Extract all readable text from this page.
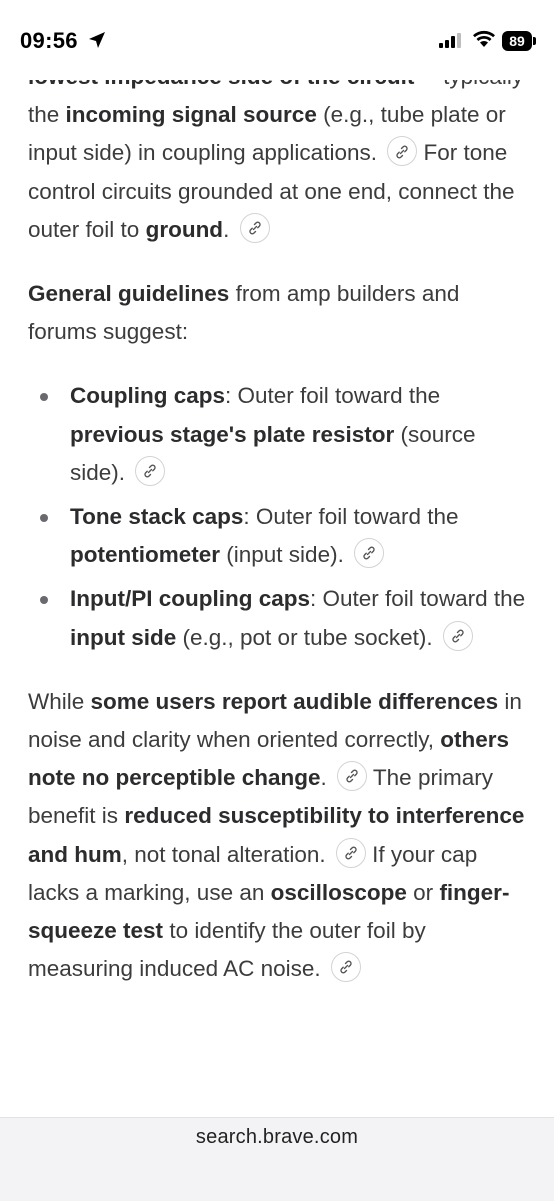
09:56	89

the incoming signal source (e.g., tube plate or input side) in coupling applications.  For tone control circuits grounded at one end, connect the outer foil to ground.

General guidelines from amp builders and forums suggest:

Coupling caps: Outer foil toward the previous stage's plate resistor (source side).
Tone stack caps: Outer foil toward the potentiometer (input side).
Input/PI coupling caps: Outer foil toward the input side (e.g., pot or tube socket).

While some users report audible differences in noise and clarity when oriented correctly, others note no perceptible change.  The primary benefit is reduced susceptibility to interference and hum, not tonal alteration.  If your cap lacks a marking, use an oscilloscope or finger-squeeze test to identify the outer foil by measuring induced AC noise.

search.brave.com
